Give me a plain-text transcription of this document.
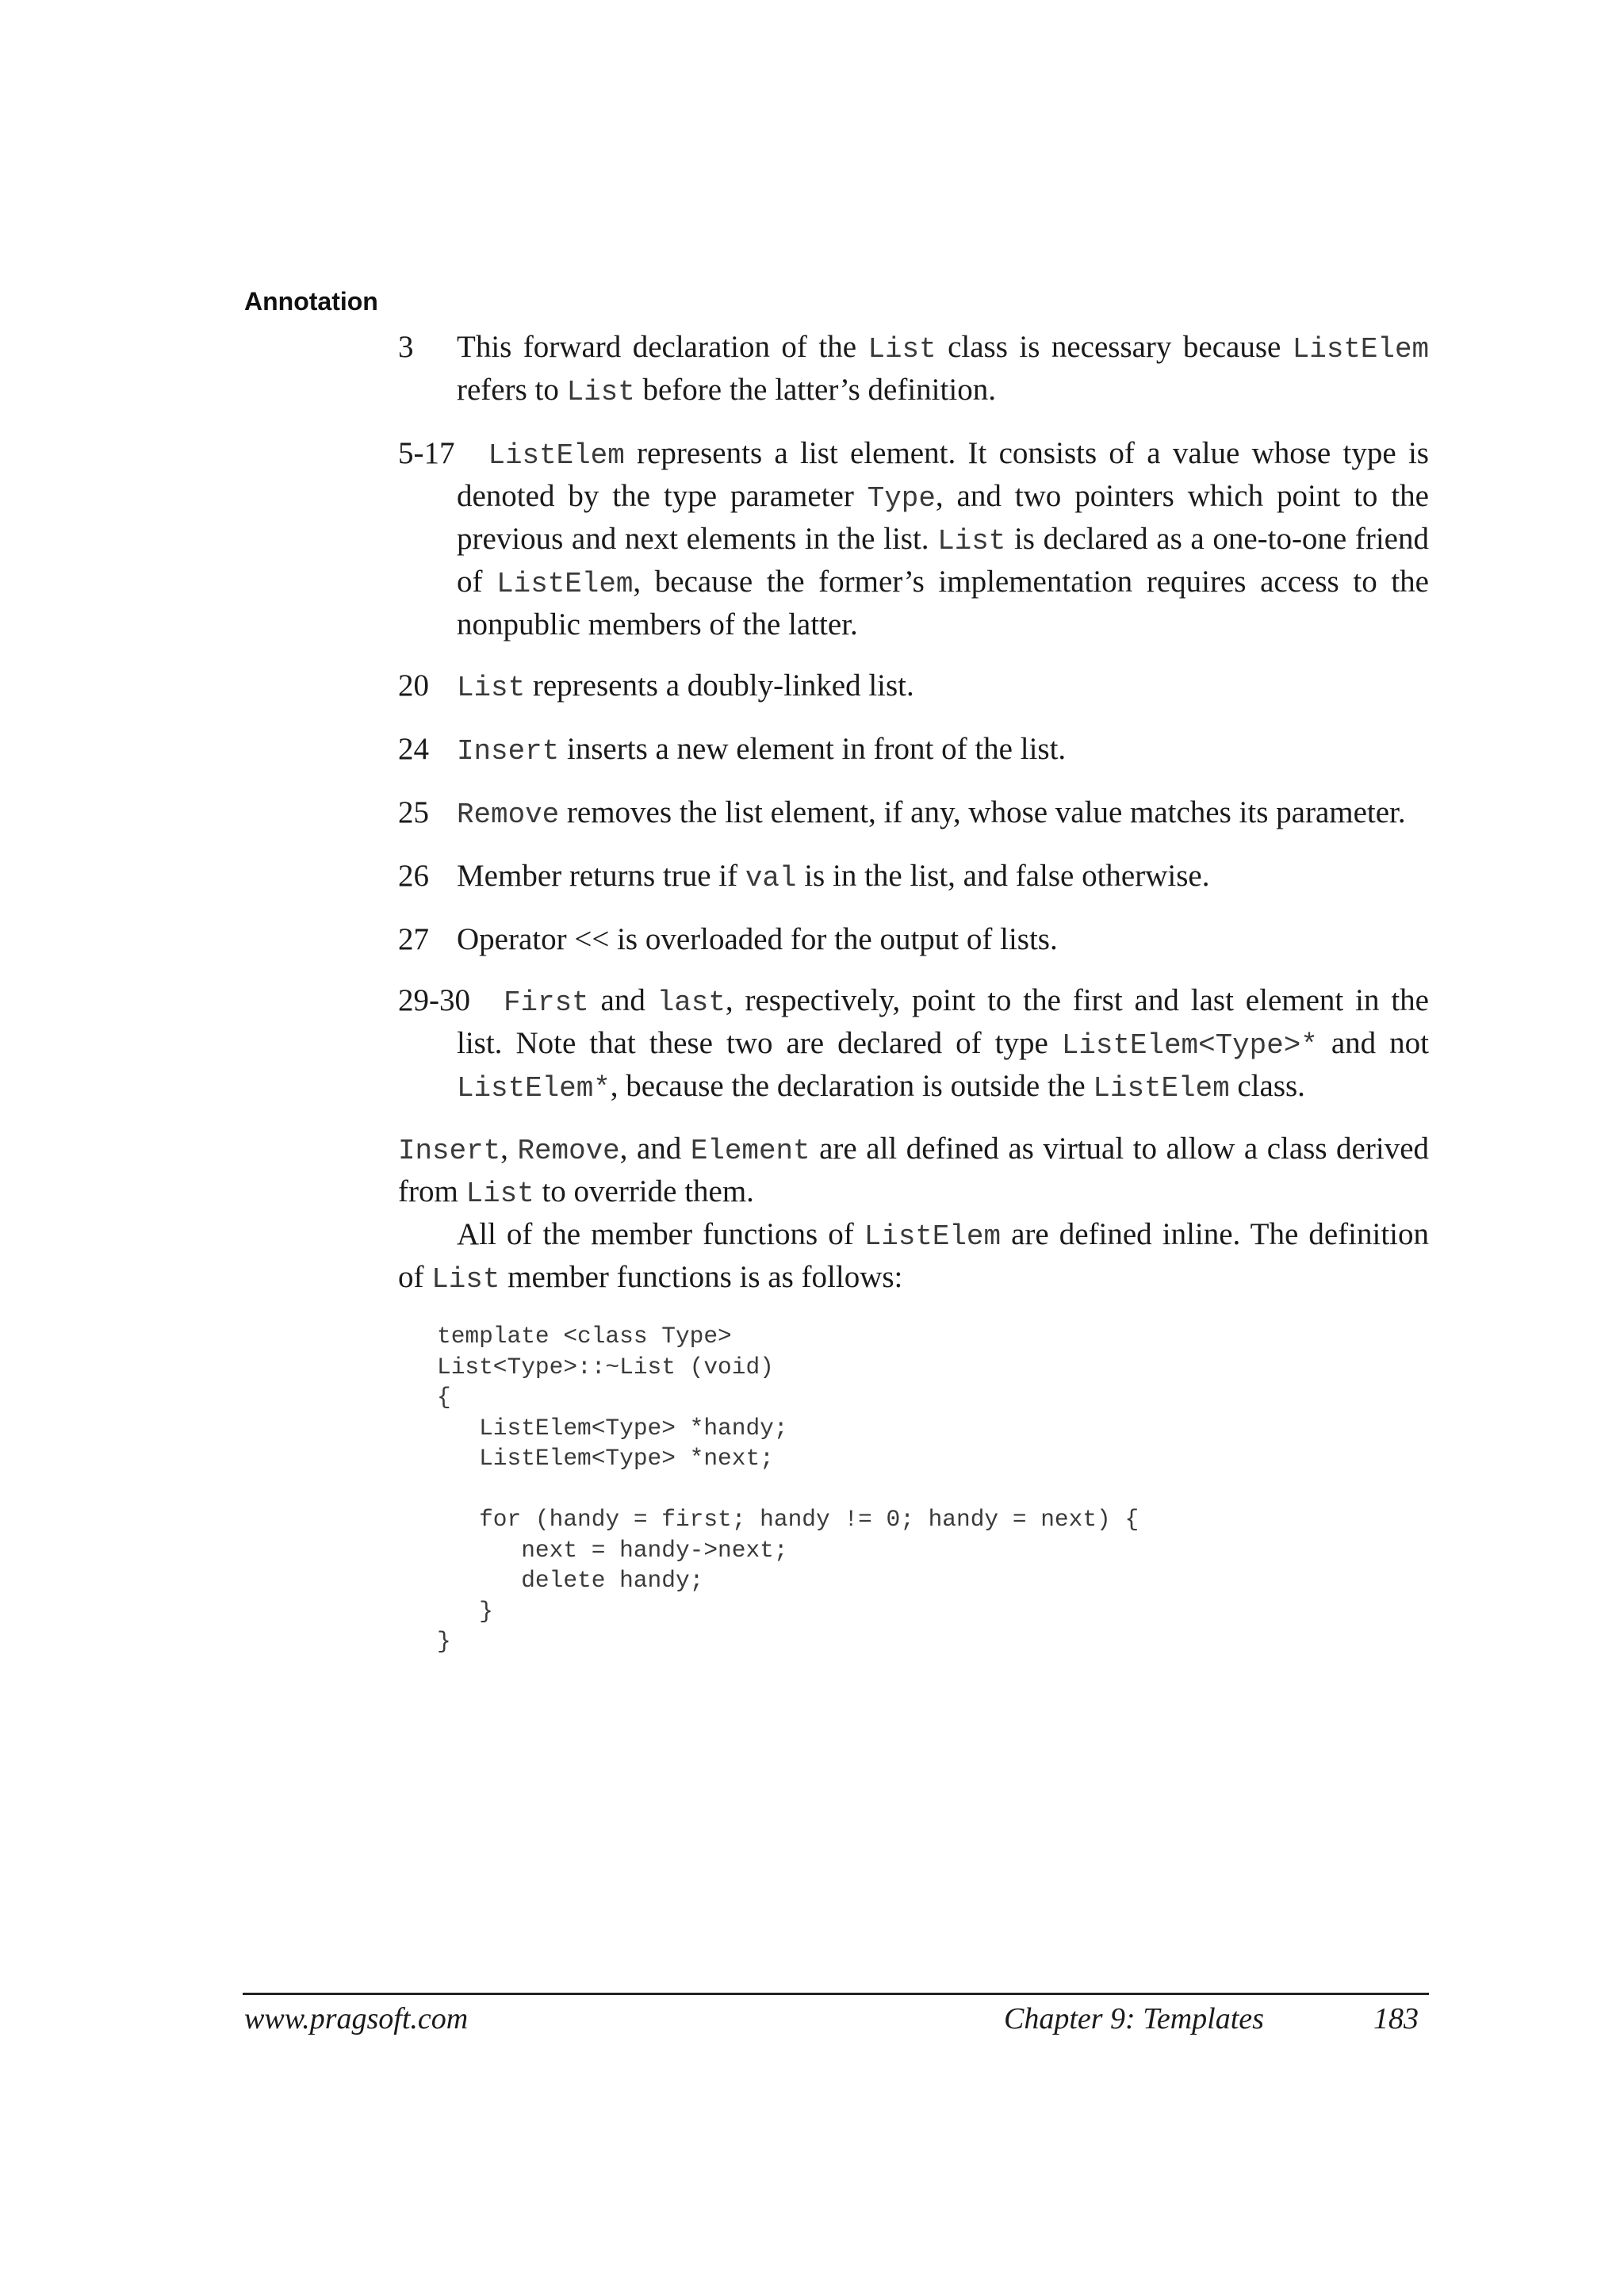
Annotation
3 This forward declaration of the List class is necessary because ListElem refers to List before the latter’s definition.
5-17 ListElem represents a list element. It consists of a value whose type is denoted by the type parameter Type, and two pointers which point to the previous and next elements in the list. List is declared as a one-to-one friend of ListElem, because the former’s implementation requires access to the nonpublic members of the latter.
20 List represents a doubly-linked list.
24 Insert inserts a new element in front of the list.
25 Remove removes the list element, if any, whose value matches its parameter.
26 Member returns true if val is in the list, and false otherwise.
27 Operator << is overloaded for the output of lists.
29-30 First and last, respectively, point to the first and last element in the list. Note that these two are declared of type ListElem<Type>* and not ListElem*, because the declaration is outside the ListElem class.

Insert, Remove, and Element are all defined as virtual to allow a class derived from List to override them.

All of the member functions of ListElem are defined inline. The definition of List member functions is as follows:

template <class Type>
List<Type>::~List (void)
{
ListElem<Type> *handy;
ListElem<Type> *next;

for (handy = first; handy != 0; handy = next) {
next = handy->next;
delete handy;
}
}
www.pragsoft.com	Chapter 9: Templates	183
